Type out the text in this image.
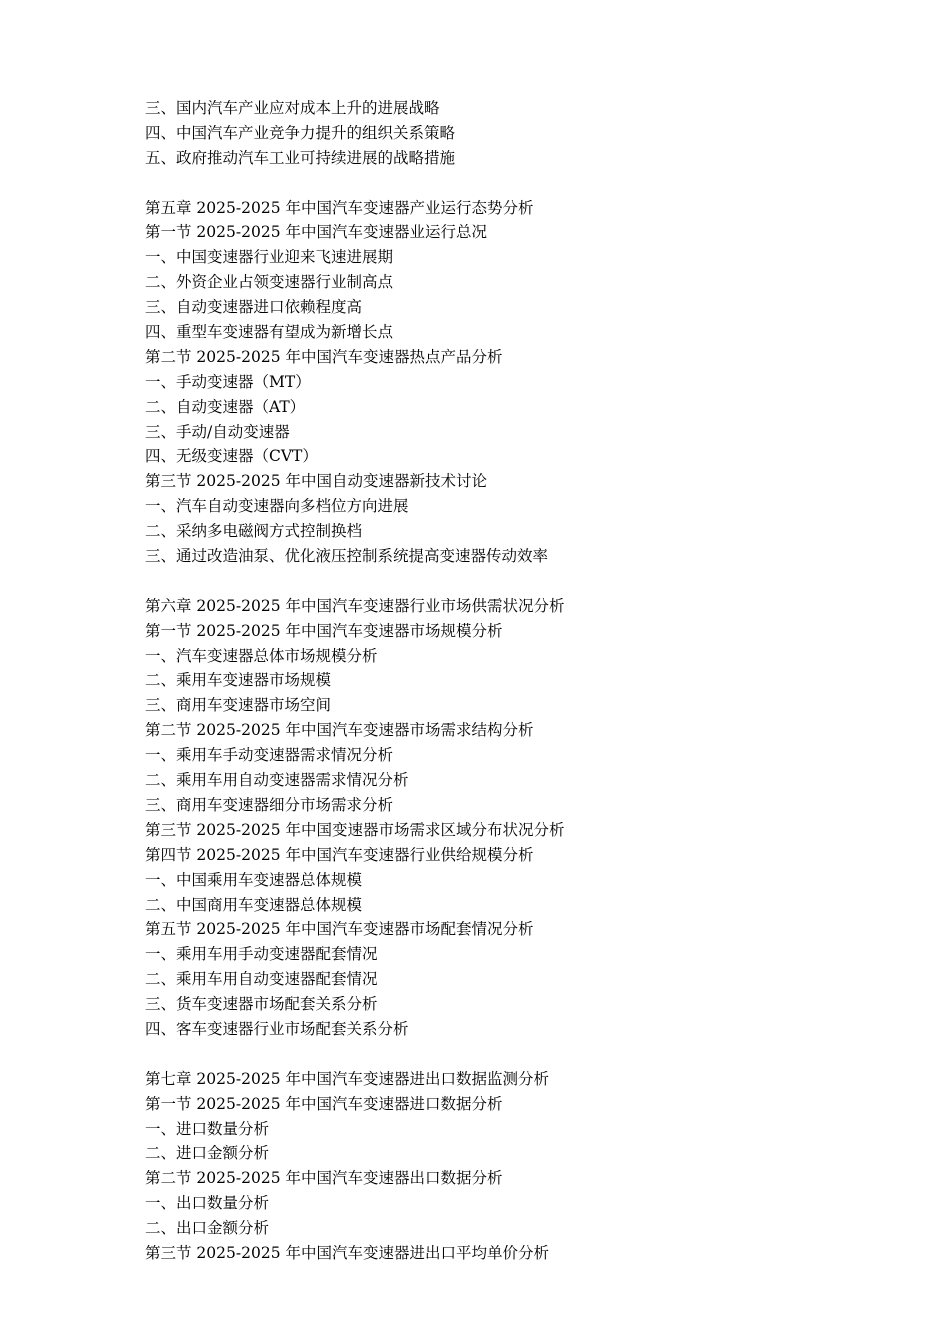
三、国内汽车产业应对成本上升的进展战略
四、中国汽车产业竞争力提升的组织关系策略
五、政府推动汽车工业可持续进展的战略措施
第五章 2025-2025 年中国汽车变速器产业运行态势分析
第一节 2025-2025 年中国汽车变速器业运行总况
一、中国变速器行业迎来飞速进展期
二、外资企业占领变速器行业制高点
三、自动变速器进口依赖程度高
四、重型车变速器有望成为新增长点
第二节 2025-2025 年中国汽车变速器热点产品分析
一、手动变速器（MT）
二、自动变速器（AT）
三、手动/自动变速器
四、无级变速器（CVT）
第三节 2025-2025 年中国自动变速器新技术讨论
一、汽车自动变速器向多档位方向进展
二、采纳多电磁阀方式控制换档
三、通过改造油泵、优化液压控制系统提高变速器传动效率
第六章 2025-2025 年中国汽车变速器行业市场供需状况分析
第一节 2025-2025 年中国汽车变速器市场规模分析
一、汽车变速器总体市场规模分析
二、乘用车变速器市场规模
三、商用车变速器市场空间
第二节 2025-2025 年中国汽车变速器市场需求结构分析
一、乘用车手动变速器需求情况分析
二、乘用车用自动变速器需求情况分析
三、商用车变速器细分市场需求分析
第三节 2025-2025 年中国变速器市场需求区域分布状况分析
第四节 2025-2025 年中国汽车变速器行业供给规模分析
一、中国乘用车变速器总体规模
二、中国商用车变速器总体规模
第五节 2025-2025 年中国汽车变速器市场配套情况分析
一、乘用车用手动变速器配套情况
二、乘用车用自动变速器配套情况
三、货车变速器市场配套关系分析
四、客车变速器行业市场配套关系分析
第七章 2025-2025 年中国汽车变速器进出口数据监测分析
第一节 2025-2025 年中国汽车变速器进口数据分析
一、进口数量分析
二、进口金额分析
第二节 2025-2025 年中国汽车变速器出口数据分析
一、出口数量分析
二、出口金额分析
第三节 2025-2025 年中国汽车变速器进出口平均单价分析
